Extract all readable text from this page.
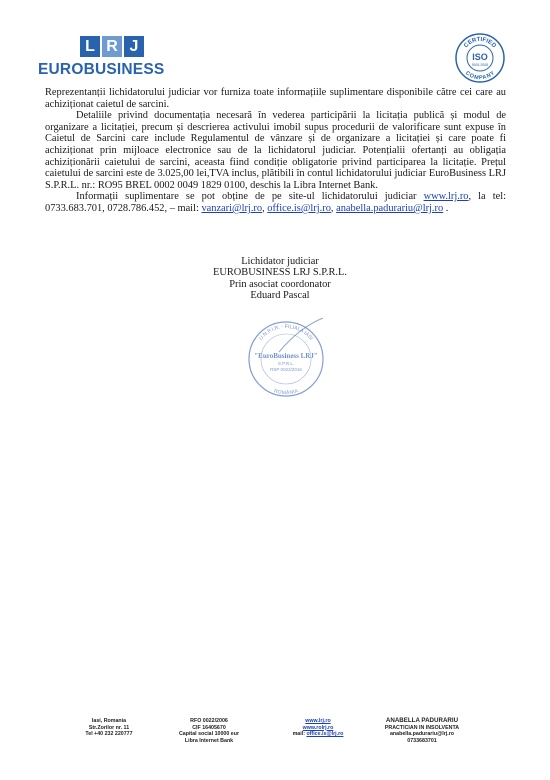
L R J
EUROBUSINESS
CERTIFIED
COMPANY
ISO
9001:2008

Reprezentanții lichidatorului judiciar vor furniza toate informațiile suplimentare disponibile către cei care au achiziționat caietul de sarcini.

Detaliile privind documentația necesară în vederea participării la licitația publică și modul de organizare a licitației, precum și descrierea activului imobil supus procedurii de valorificare sunt expuse în Caietul de Sarcini care include Regulamentul de vânzare și de organizare a licitației și care poate fi achiziționat prin mijloace electronice sau de la lichidatorul judiciar. Potențialii ofertanți au obligația achiziționării caietului de sarcini, aceasta fiind condiție obligatorie privind participarea la licitație. Prețul caietului de sarcini este de 3.025,00 lei,TVA inclus, plătibili în contul lichidatorului judiciar EuroBusiness LRJ S.P.R.L. nr.: RO95 BREL 0002 0049 1829 0100, deschis la Libra Internet Bank.

Informații suplimentare se pot obține de pe site-ul lichidatorului judiciar www.lrj.ro, la tel: 0733.683.701, 0728.786.452, – mail: vanzari@lrj.ro, office.is@lrj.ro, anabella.padurariu@lrj.ro .

Lichidator judiciar
EUROBUSINESS LRJ S.P.R.L.
Prin asociat coordonator
Eduard Pascal
U.N.P.I.R. - FILIALA IASI
ROMÂNIA
"EuroBusiness LRJ"
S.P.R.L.
RSP 0022/2016
Iasi, Romania
Str.Zorilor nr. 11
Tel +40 232 220777
RFO 0022/2006
CIF 16405670
Capital social 10000 eur
Libra Internet Bank
www.lrj.ro
www.rolrj.ro
mail: office.is@lrj.ro
ANABELLA PADURARIU
PRACTICIAN IN INSOLVENTA
anabella.padurariu@lrj.ro
0733683701
